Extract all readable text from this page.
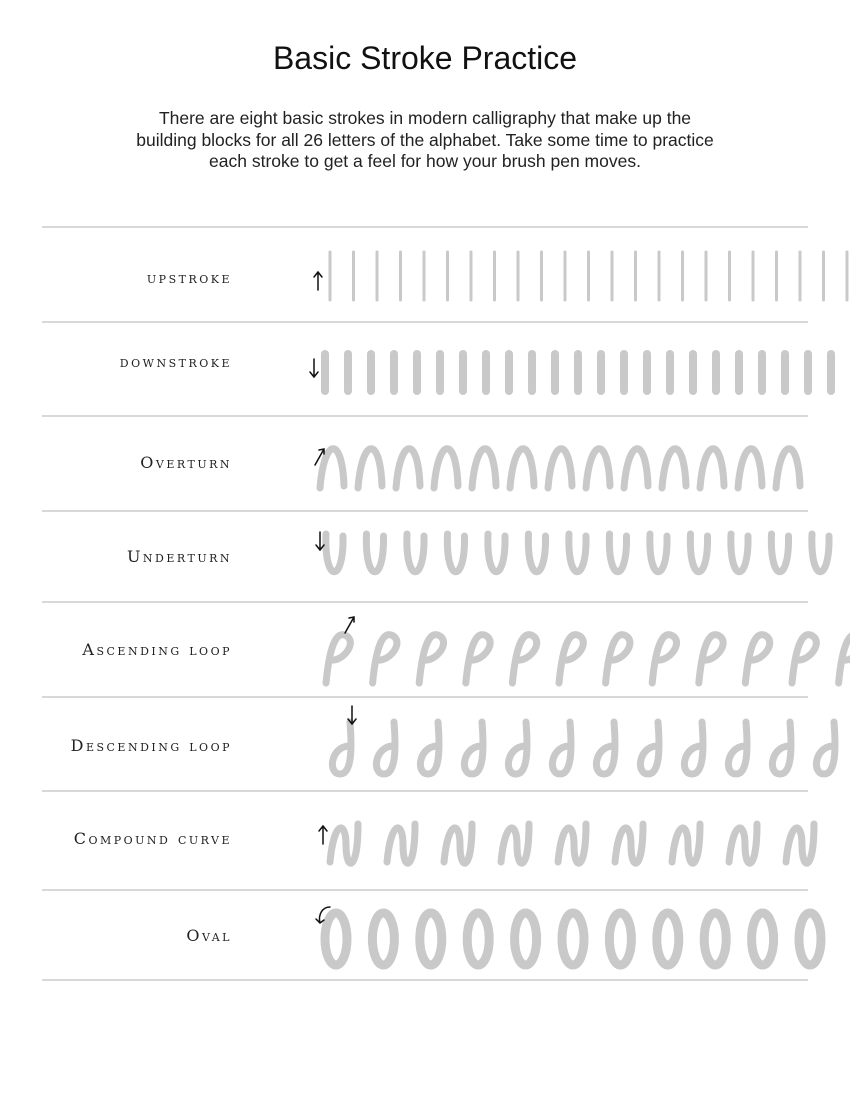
Basic Stroke Practice
There are eight basic strokes in modern calligraphy that make up the
building blocks for all 26 letters of the alphabet. Take some time to practice
each stroke to get a feel for how your brush pen moves.
upstroke
downstroke
Overturn
Underturn
Ascending loop
Descending loop
Compound curve
Oval
